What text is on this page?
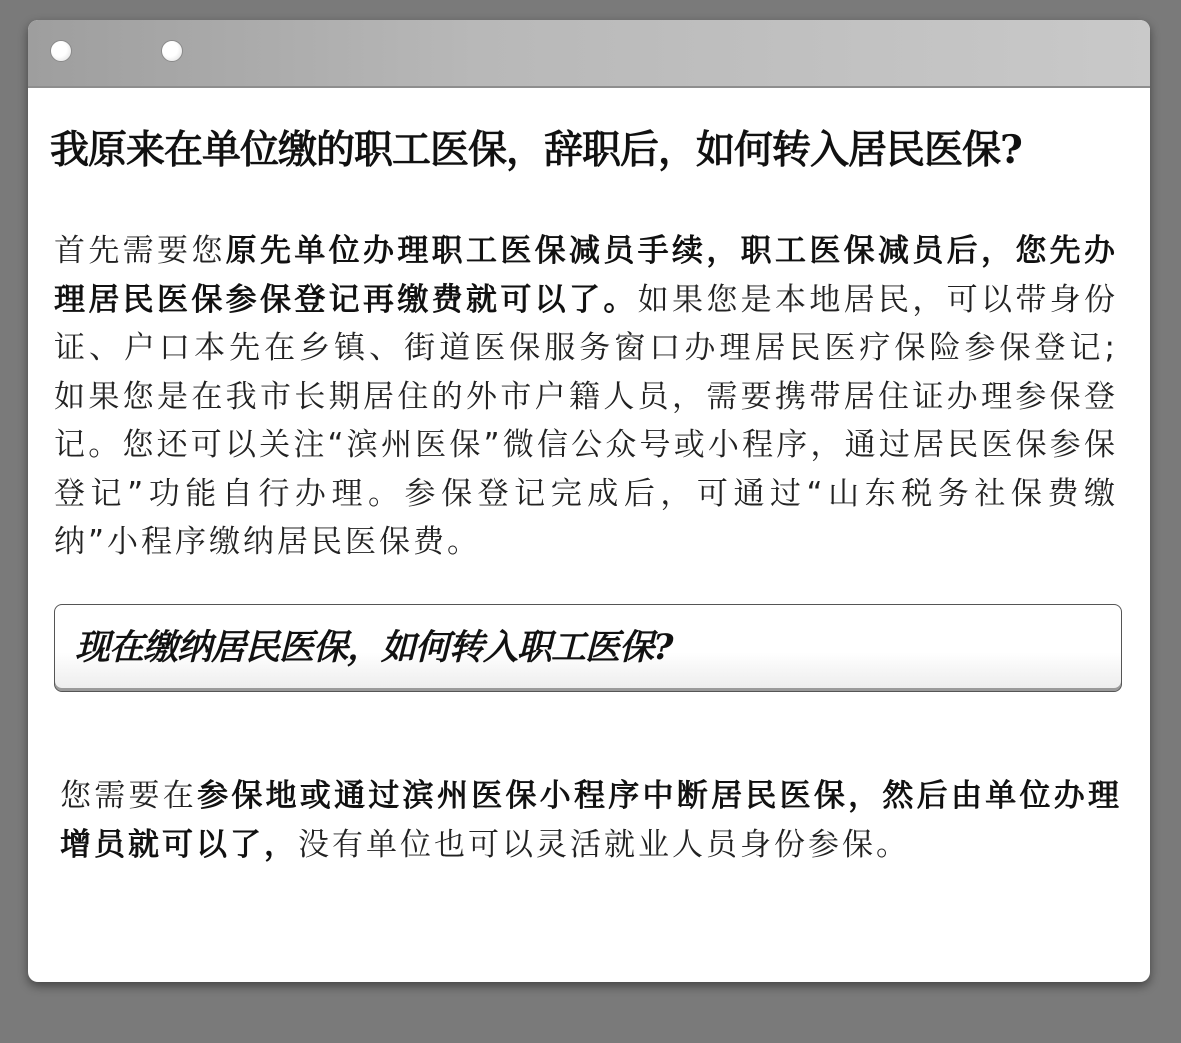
我原来在单位缴的职工医保，辞职后，如何转入居民医保?

首先需要您原先单位办理职工医保减员手续，职工医保减员后，您先办理居民医保参保登记再缴费就可以了。如果您是本地居民，可以带身份证、户口本先在乡镇、街道医保服务窗口办理居民医疗保险参保登记;如果您是在我市长期居住的外市户籍人员，需要携带居住证办理参保登记。您还可以关注“滨州医保”微信公众号或小程序，通过居民医保参保登记”功能自行办理。参保登记完成后，可通过“山东税务社保费缴纳”小程序缴纳居民医保费。

现在缴纳居民医保，如何转入职工医保?

您需要在参保地或通过滨州医保小程序中断居民医保，然后由单位办理增员就可以了，没有单位也可以灵活就业人员身份参保。
